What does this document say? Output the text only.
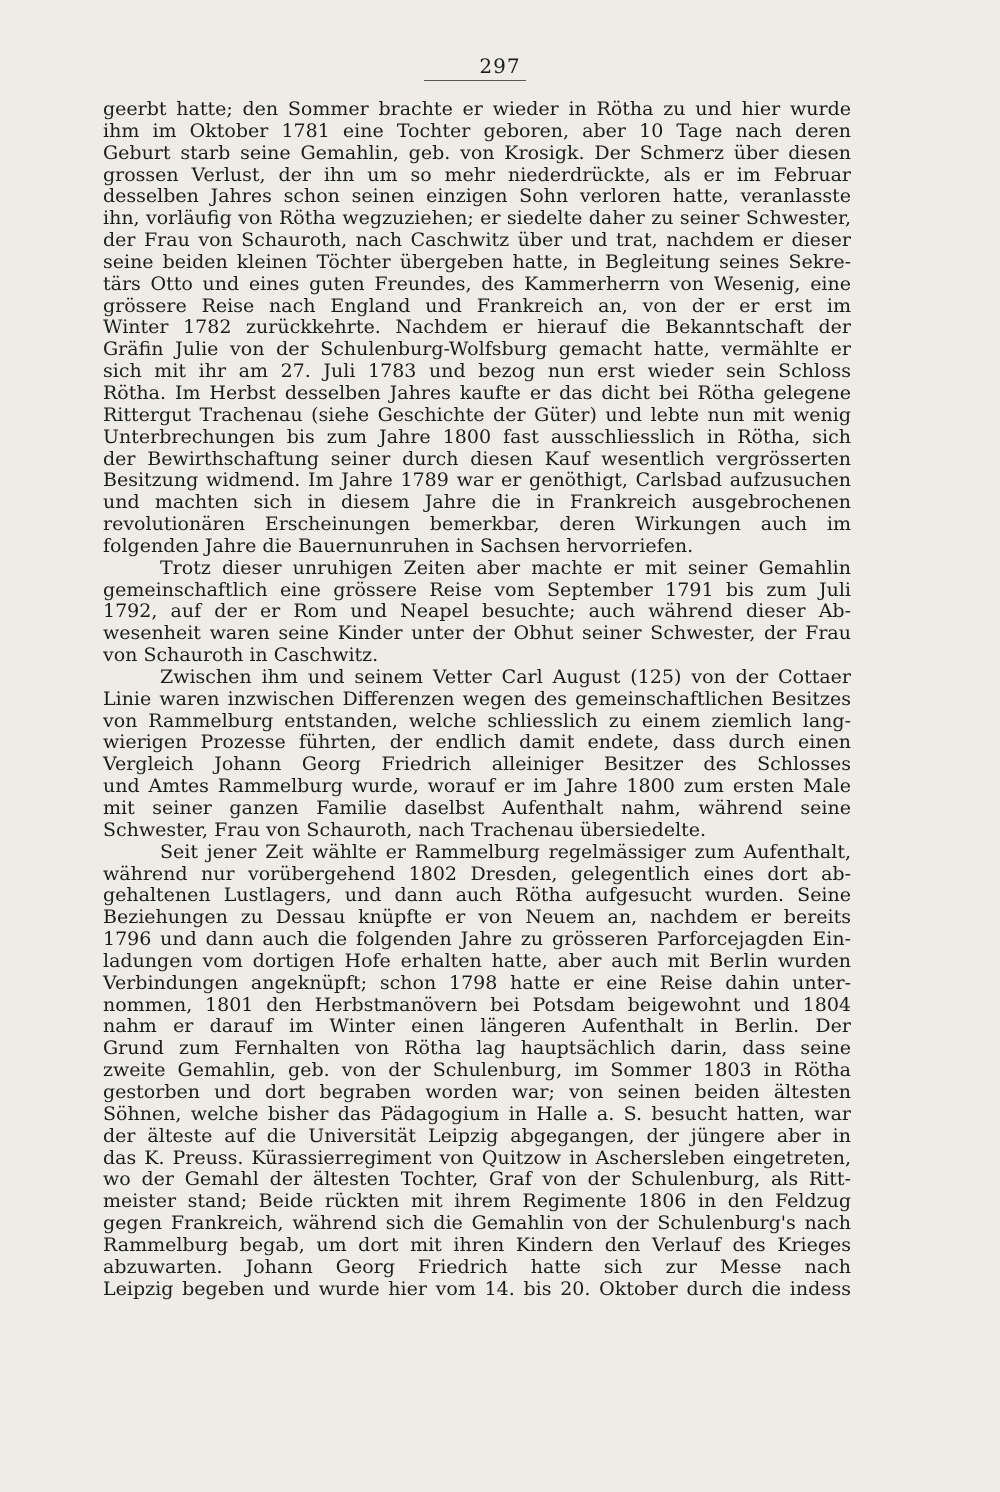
297
geerbt hatte; den Sommer brachte er wieder in Rötha zu und hier wurde
ihm im Oktober 1781 eine Tochter geboren, aber 10 Tage nach deren
Geburt starb seine Gemahlin, geb. von Krosigk. Der Schmerz über diesen
grossen Verlust, der ihn um so mehr niederdrückte, als er im Februar
desselben Jahres schon seinen einzigen Sohn verloren hatte, veranlasste
ihn, vorläufig von Rötha wegzuziehen; er siedelte daher zu seiner Schwester,
der Frau von Schauroth, nach Caschwitz über und trat, nachdem er dieser
seine beiden kleinen Töchter übergeben hatte, in Begleitung seines Sekre-
tärs Otto und eines guten Freundes, des Kammerherrn von Wesenig, eine
grössere Reise nach England und Frankreich an, von der er erst im
Winter 1782 zurückkehrte. Nachdem er hierauf die Bekanntschaft der
Gräfin Julie von der Schulenburg-Wolfsburg gemacht hatte, vermählte er
sich mit ihr am 27. Juli 1783 und bezog nun erst wieder sein Schloss
Rötha. Im Herbst desselben Jahres kaufte er das dicht bei Rötha gelegene
Rittergut Trachenau (siehe Geschichte der Güter) und lebte nun mit wenig
Unterbrechungen bis zum Jahre 1800 fast ausschliesslich in Rötha, sich
der Bewirthschaftung seiner durch diesen Kauf wesentlich vergrösserten
Besitzung widmend. Im Jahre 1789 war er genöthigt, Carlsbad aufzusuchen
und machten sich in diesem Jahre die in Frankreich ausgebrochenen
revolutionären Erscheinungen bemerkbar, deren Wirkungen auch im
folgenden Jahre die Bauernunruhen in Sachsen hervorriefen.
Trotz dieser unruhigen Zeiten aber machte er mit seiner Gemahlin
gemeinschaftlich eine grössere Reise vom September 1791 bis zum Juli
1792, auf der er Rom und Neapel besuchte; auch während dieser Ab-
wesenheit waren seine Kinder unter der Obhut seiner Schwester, der Frau
von Schauroth in Caschwitz.
Zwischen ihm und seinem Vetter Carl August (125) von der Cottaer
Linie waren inzwischen Differenzen wegen des gemeinschaftlichen Besitzes
von Rammelburg entstanden, welche schliesslich zu einem ziemlich lang-
wierigen Prozesse führten, der endlich damit endete, dass durch einen
Vergleich Johann Georg Friedrich alleiniger Besitzer des Schlosses
und Amtes Rammelburg wurde, worauf er im Jahre 1800 zum ersten Male
mit seiner ganzen Familie daselbst Aufenthalt nahm, während seine
Schwester, Frau von Schauroth, nach Trachenau übersiedelte.
Seit jener Zeit wählte er Rammelburg regelmässiger zum Aufenthalt,
während nur vorübergehend 1802 Dresden, gelegentlich eines dort ab-
gehaltenen Lustlagers, und dann auch Rötha aufgesucht wurden. Seine
Beziehungen zu Dessau knüpfte er von Neuem an, nachdem er bereits
1796 und dann auch die folgenden Jahre zu grösseren Parforcejagden Ein-
ladungen vom dortigen Hofe erhalten hatte, aber auch mit Berlin wurden
Verbindungen angeknüpft; schon 1798 hatte er eine Reise dahin unter-
nommen, 1801 den Herbstmanövern bei Potsdam beigewohnt und 1804
nahm er darauf im Winter einen längeren Aufenthalt in Berlin. Der
Grund zum Fernhalten von Rötha lag hauptsächlich darin, dass seine
zweite Gemahlin, geb. von der Schulenburg, im Sommer 1803 in Rötha
gestorben und dort begraben worden war; von seinen beiden ältesten
Söhnen, welche bisher das Pädagogium in Halle a. S. besucht hatten, war
der älteste auf die Universität Leipzig abgegangen, der jüngere aber in
das K. Preuss. Kürassierregiment von Quitzow in Aschersleben eingetreten,
wo der Gemahl der ältesten Tochter, Graf von der Schulenburg, als Ritt-
meister stand; Beide rückten mit ihrem Regimente 1806 in den Feldzug
gegen Frankreich, während sich die Gemahlin von der Schulenburg's nach
Rammelburg begab, um dort mit ihren Kindern den Verlauf des Krieges
abzuwarten. Johann Georg Friedrich hatte sich zur Messe nach
Leipzig begeben und wurde hier vom 14. bis 20. Oktober durch die indess
